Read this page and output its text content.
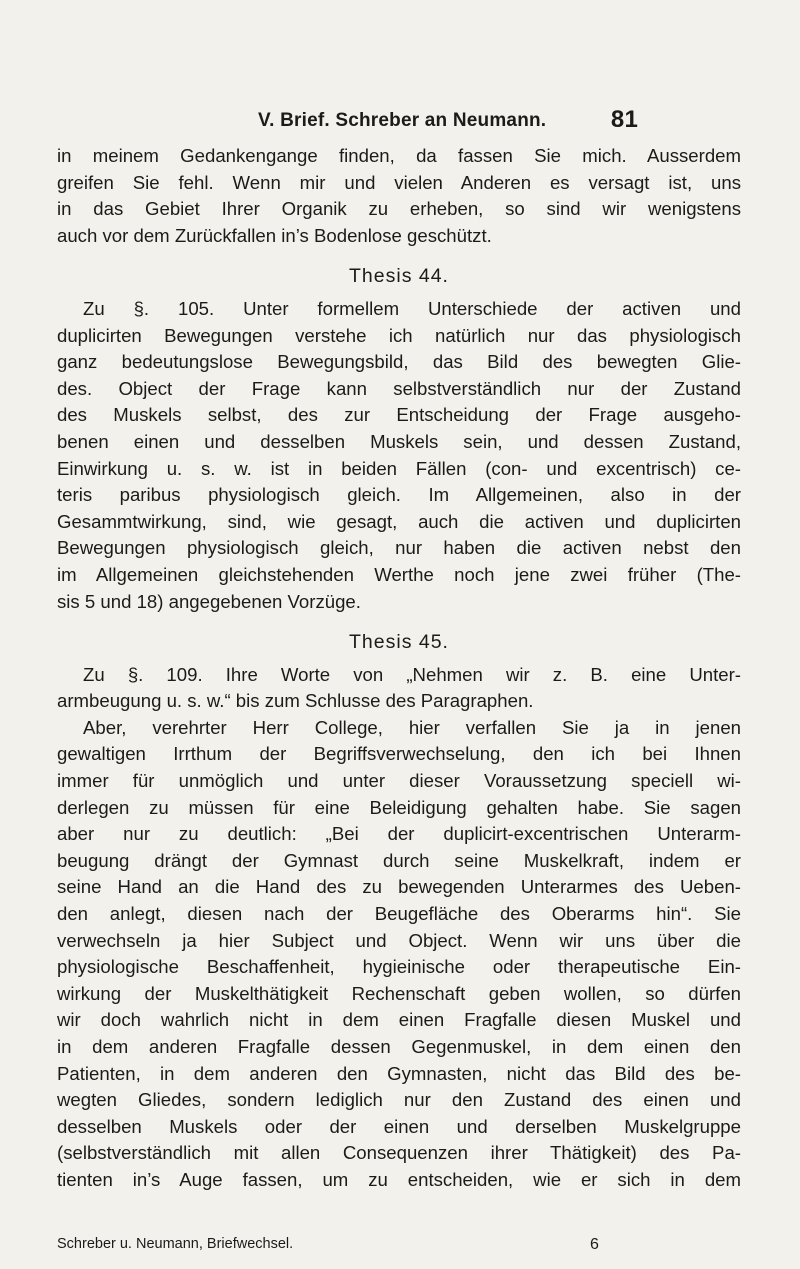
V. Brief. Schreber an Neumann.	81
in meinem Gedankengange finden, da fassen Sie mich. Ausserdem
greifen Sie fehl. Wenn mir und vielen Anderen es versagt ist, uns
in das Gebiet Ihrer Organik zu erheben, so sind wir wenigstens
auch vor dem Zurückfallen in’s Bodenlose geschützt.
Thesis 44.
Zu §. 105. Unter formellem Unterschiede der activen und
duplicirten Bewegungen verstehe ich natürlich nur das physiologisch
ganz bedeutungslose Bewegungsbild, das Bild des bewegten Glie-
des. Object der Frage kann selbstverständlich nur der Zustand
des Muskels selbst, des zur Entscheidung der Frage ausgeho-
benen einen und desselben Muskels sein, und dessen Zustand,
Einwirkung u. s. w. ist in beiden Fällen (con- und excentrisch) ce-
teris paribus physiologisch gleich. Im Allgemeinen, also in der
Gesammtwirkung, sind, wie gesagt, auch die activen und duplicirten
Bewegungen physiologisch gleich, nur haben die activen nebst den
im Allgemeinen gleichstehenden Werthe noch jene zwei früher (The-
sis 5 und 18) angegebenen Vorzüge.
Thesis 45.
Zu §. 109. Ihre Worte von „Nehmen wir z. B. eine Unter-
armbeugung u. s. w.“ bis zum Schlusse des Paragraphen.
Aber, verehrter Herr College, hier verfallen Sie ja in jenen
gewaltigen Irrthum der Begriffsverwechselung, den ich bei Ihnen
immer für unmöglich und unter dieser Voraussetzung speciell wi-
derlegen zu müssen für eine Beleidigung gehalten habe. Sie sagen
aber nur zu deutlich: „Bei der duplicirt-excentrischen Unterarm-
beugung drängt der Gymnast durch seine Muskelkraft, indem er
seine Hand an die Hand des zu bewegenden Unterarmes des Ueben-
den anlegt, diesen nach der Beugefläche des Oberarms hin“. Sie
verwechseln ja hier Subject und Object. Wenn wir uns über die
physiologische Beschaffenheit, hygieinische oder therapeutische Ein-
wirkung der Muskelthätigkeit Rechenschaft geben wollen, so dürfen
wir doch wahrlich nicht in dem einen Fragfalle diesen Muskel und
in dem anderen Fragfalle dessen Gegenmuskel, in dem einen den
Patienten, in dem anderen den Gymnasten, nicht das Bild des be-
wegten Gliedes, sondern lediglich nur den Zustand des einen und
desselben Muskels oder der einen und derselben Muskelgruppe
(selbstverständlich mit allen Consequenzen ihrer Thätigkeit) des Pa-
tienten in’s Auge fassen, um zu entscheiden, wie er sich in dem
Schreber u. Neumann, Briefwechsel.	6
